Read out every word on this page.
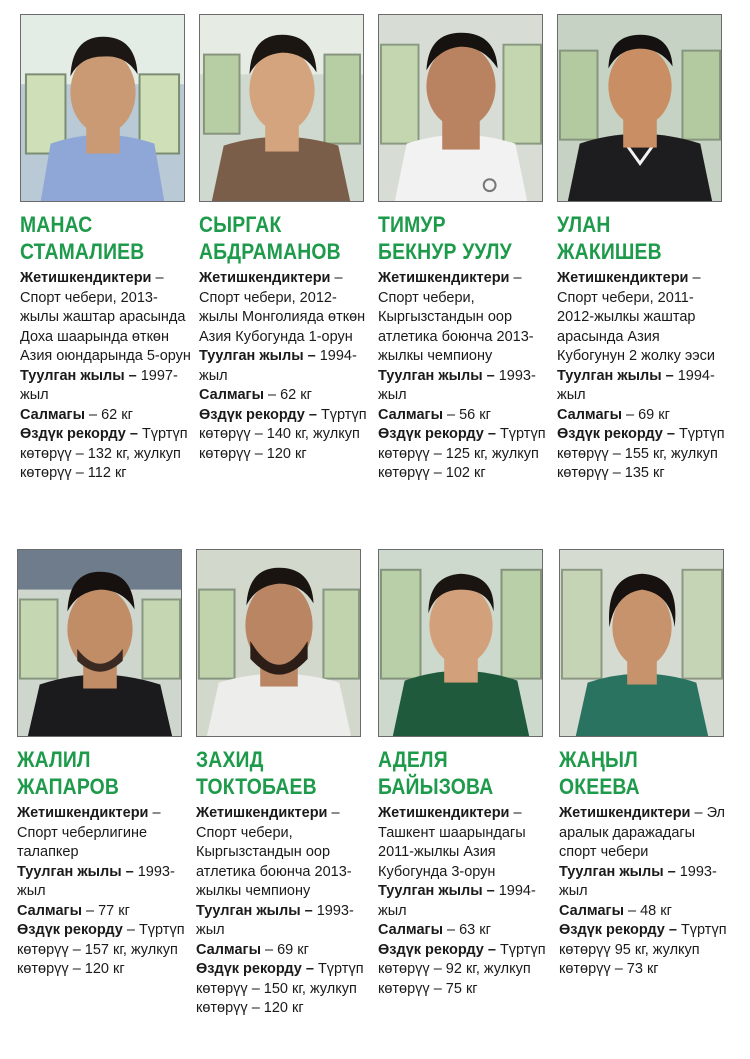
МАНАС
СТАМАЛИЕВ
Жетишкендиктери – Спорт чебери, 2013-жылы жаштар арасында Доха шаарында өткөн Азия оюндарында 5-орун
Туулган жылы – 1997-жыл
Салмагы – 62 кг
Өздүк рекорду – Түртүп көтөрүү – 132 кг, жулкуп көтөрүү – 112 кг
СЫРГАК
АБДРАМАНОВ
Жетишкендиктери – Спорт чебери, 2012-жылы Монголияда өткөн Азия Кубогунда 1-орун
Туулган жылы – 1994-жыл
Салмагы – 62 кг
Өздүк рекорду – Түртүп көтөрүү – 140 кг, жулкуп көтөрүү – 120 кг
ТИМУР
БЕКНУР УУЛУ
Жетишкендиктери – Спорт чебери, Кыргызстандын оор атлетика боюнча 2013-жылкы чемпиону
Туулган жылы – 1993-жыл
Салмагы – 56 кг
Өздүк рекорду – Түртүп көтөрүү – 125 кг, жулкуп көтөрүү – 102 кг
УЛАН
ЖАКИШЕВ
Жетишкендиктери – Спорт чебери, 2011-2012-жылкы жаштар арасында Азия Кубогунун 2 жолку ээси
Туулган жылы – 1994-жыл
Салмагы – 69 кг
Өздүк рекорду – Түртүп көтөрүү – 155 кг, жулкуп көтөрүү – 135 кг
ЖАЛИЛ
ЖАПАРОВ
Жетишкендиктери – Спорт чеберлигине талапкер
Туулган жылы – 1993-жыл
Салмагы – 77 кг
Өздүк рекорду – Түртүп көтөрүү – 157 кг, жулкуп көтөрүү – 120 кг
ЗАХИД
ТОКТОБАЕВ
Жетишкендиктери – Спорт чебери, Кыргызстандын оор атлетика боюнча 2013-жылкы чемпиону
Туулган жылы – 1993-жыл
Салмагы – 69 кг
Өздүк рекорду – Түртүп көтөрүү – 150 кг, жулкуп көтөрүү – 120 кг
АДЕЛЯ
БАЙЫЗОВА
Жетишкендиктери – Ташкент шаарындагы 2011-жылкы Азия Кубогунда 3-орун
Туулган жылы – 1994-жыл
Салмагы – 63 кг
Өздүк рекорду – Түртүп көтөрүү – 92 кг, жулкуп көтөрүү – 75 кг
ЖАҢЫЛ
ОКЕЕВА
Жетишкендиктери – Эл аралык даражадагы спорт чебери
Туулган жылы – 1993-жыл
Салмагы – 48 кг
Өздүк рекорду – Түртүп көтөрүү 95 кг, жулкуп көтөрүү – 73 кг
